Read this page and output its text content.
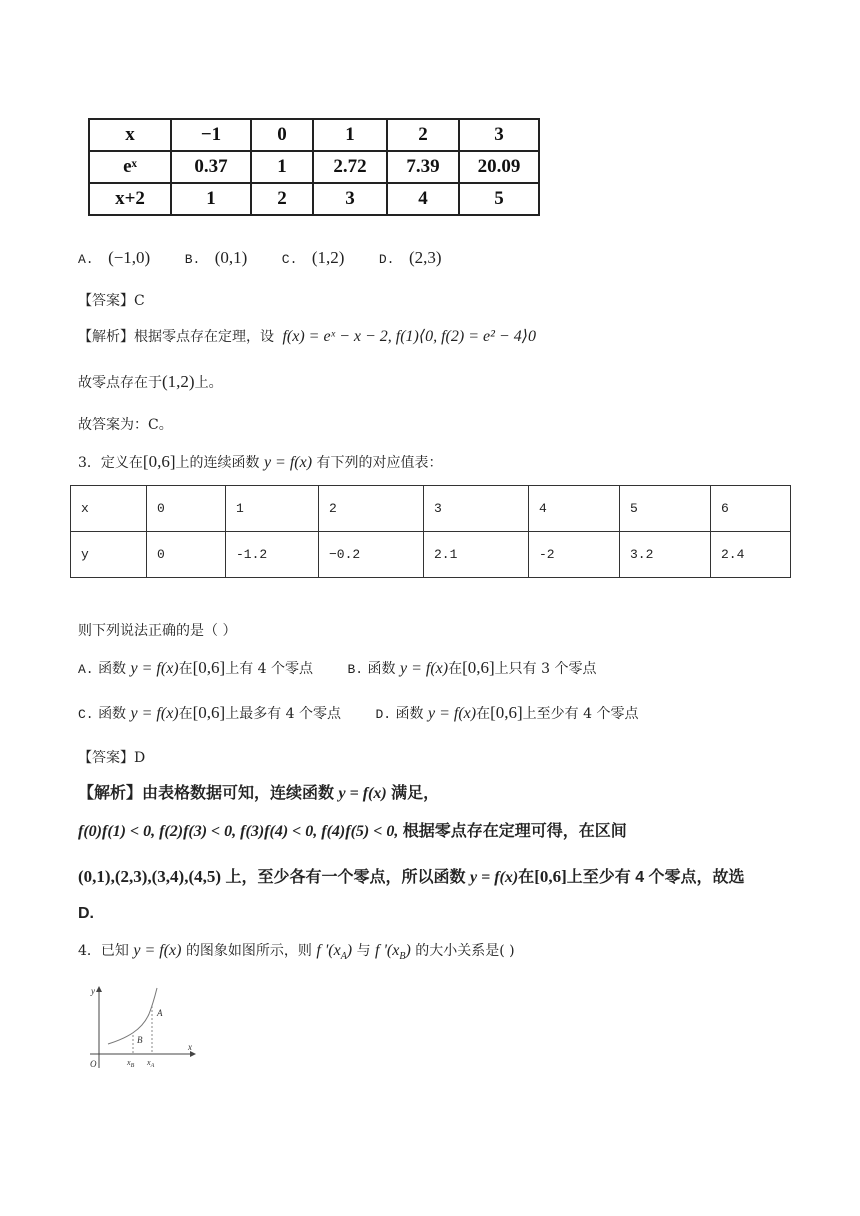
x	−1	0	1	2	3
eˣ	0.37	1	2.72	7.39	20.09
x+2	1	2	3	4	5
A. (−1,0)	B. (0,1)	C. (1,2)	D. (2,3)
【答案】C
【解析】根据零点存在定理，设 f(x) = eˣ − x − 2, f(1)⟨0, f(2) = e² − 4⟩0
故零点存在于(1,2)上。
故答案为：C。
3．定义在[0,6]上的连续函数 y = f(x) 有下列的对应值表：
x	0	1	2	3	4	5	6
y	0	-1.2	−0.2	2.1	-2	3.2	2.4
则下列说法正确的是（ ）
A. 函数 y = f(x)在[0,6]上有 4 个零点	B. 函数 y = f(x)在[0,6]上只有 3 个零点
C. 函数 y = f(x)在[0,6]上最多有 4 个零点	D. 函数 y = f(x)在[0,6]上至少有 4 个零点
【答案】D
【解析】由表格数据可知，连续函数 y = f(x) 满足，
f(0)f(1) < 0, f(2)f(3) < 0, f(3)f(4) < 0, f(4)f(5) < 0, 根据零点存在定理可得，在区间
(0,1),(2,3),(3,4),(4,5) 上，至少各有一个零点，所以函数 y = f(x)在[0,6]上至少有 4 个零点，故选
D.
4．已知 y = f(x) 的图象如图所示，则 f '$(x_A)$ 与 f '$(x_B)$ 的大小关系是( )
y
x
O
A
B
$x_B$ $x_A$
